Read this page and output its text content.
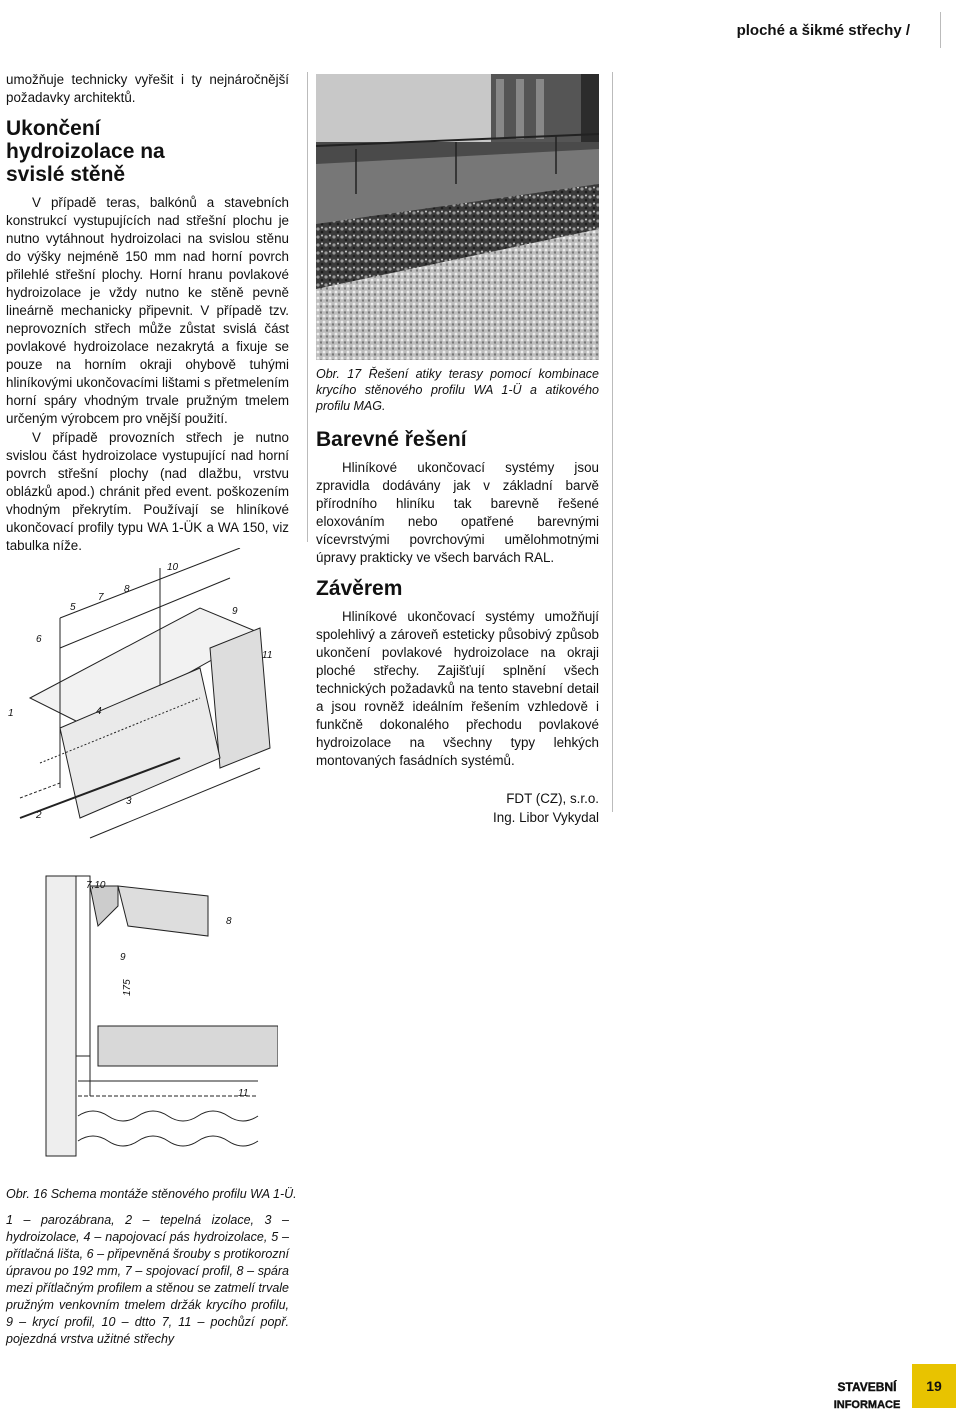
ploché a šikmé střechy /

umožňuje technicky vyřešit i ty nejnáročnější požadavky architektů.

Ukončení hydroizolace na svislé stěně

V případě teras, balkónů a stavebních konstrukcí vystupujících nad střešní plochu je nutno vytáhnout hydroizolaci na svislou stěnu do výšky nejméně 150 mm nad horní povrch přilehlé střešní plochy. Horní hranu povlakové hydroizolace je vždy nutno ke stěně pevně lineárně mechanicky připevnit. V případě tzv. neprovozních střech může zůstat svislá část povlakové hydroizolace nezakrytá a fixuje se pouze na horním okraji ohybově tuhými hliníkovými ukončovacími lištami s přetmelením horní spáry vhodným trvale pružným tmelem určeným výrobcem pro vnější použití.

V případě provozních střech je nutno svislou část hydroizolace vystupující nad horní povrch střešní plochy (nad dlažbu, vrstvu oblázků apod.) chránit před event. poškozením vhodným překrytím. Používají se hliníkové ukončovací profily typu WA 1-ÜK a WA 150, viz tabulka níže.

Obr. 17 Řešení atiky terasy pomocí kombinace krycího stěnového profilu WA 1-Ü a atikového profilu MAG.

Barevné řešení

Hliníkové ukončovací systémy jsou zpravidla dodávány jak v základní barvě přírodního hliníku tak barevně řešené eloxováním nebo opatřené barevnými vícevrstvými povrchovými umělohmotnými úpravy prakticky ve všech barvách RAL.

Závěrem

Hliníkové ukončovací systémy umožňují spolehlivý a zároveň esteticky působivý způsob ukončení povlakové hydroizolace na okraji ploché střechy. Zajišťují splnění všech technických požadavků na tento stavební detail a jsou rovněž ideálním řešením vzhledově i funkčně dokonalého přechodu povlakové hydroizolace na všechny typy lehkých montovaných fasádních systémů.

FDT (CZ), s.r.o.

Ing. Libor Vykydal

1
2
3
4
5
6
7
8
9
10
11
7,10
8
9
175
11
Obr. 16 Schema montáže stěnového profilu WA 1-Ü.
1 – parozábrana, 2 – tepelná izolace, 3 – hydroizolace, 4 – napojovací pás hydroizolace, 5 – přítlačná lišta, 6 – připevněná šrouby s protikorozní úpravou po 192 mm, 7 – spojovací profil, 8 – spára mezi přítlačným profilem a stěnou se zatmelí trvale pružným venkovním tmelem držák krycího profilu, 9 – krycí profil, 10 – dtto 7, 11 – pochůzí popř. pojezdná vrstva užitné střechy
STAVEBNÍ
INFORMACE
19
